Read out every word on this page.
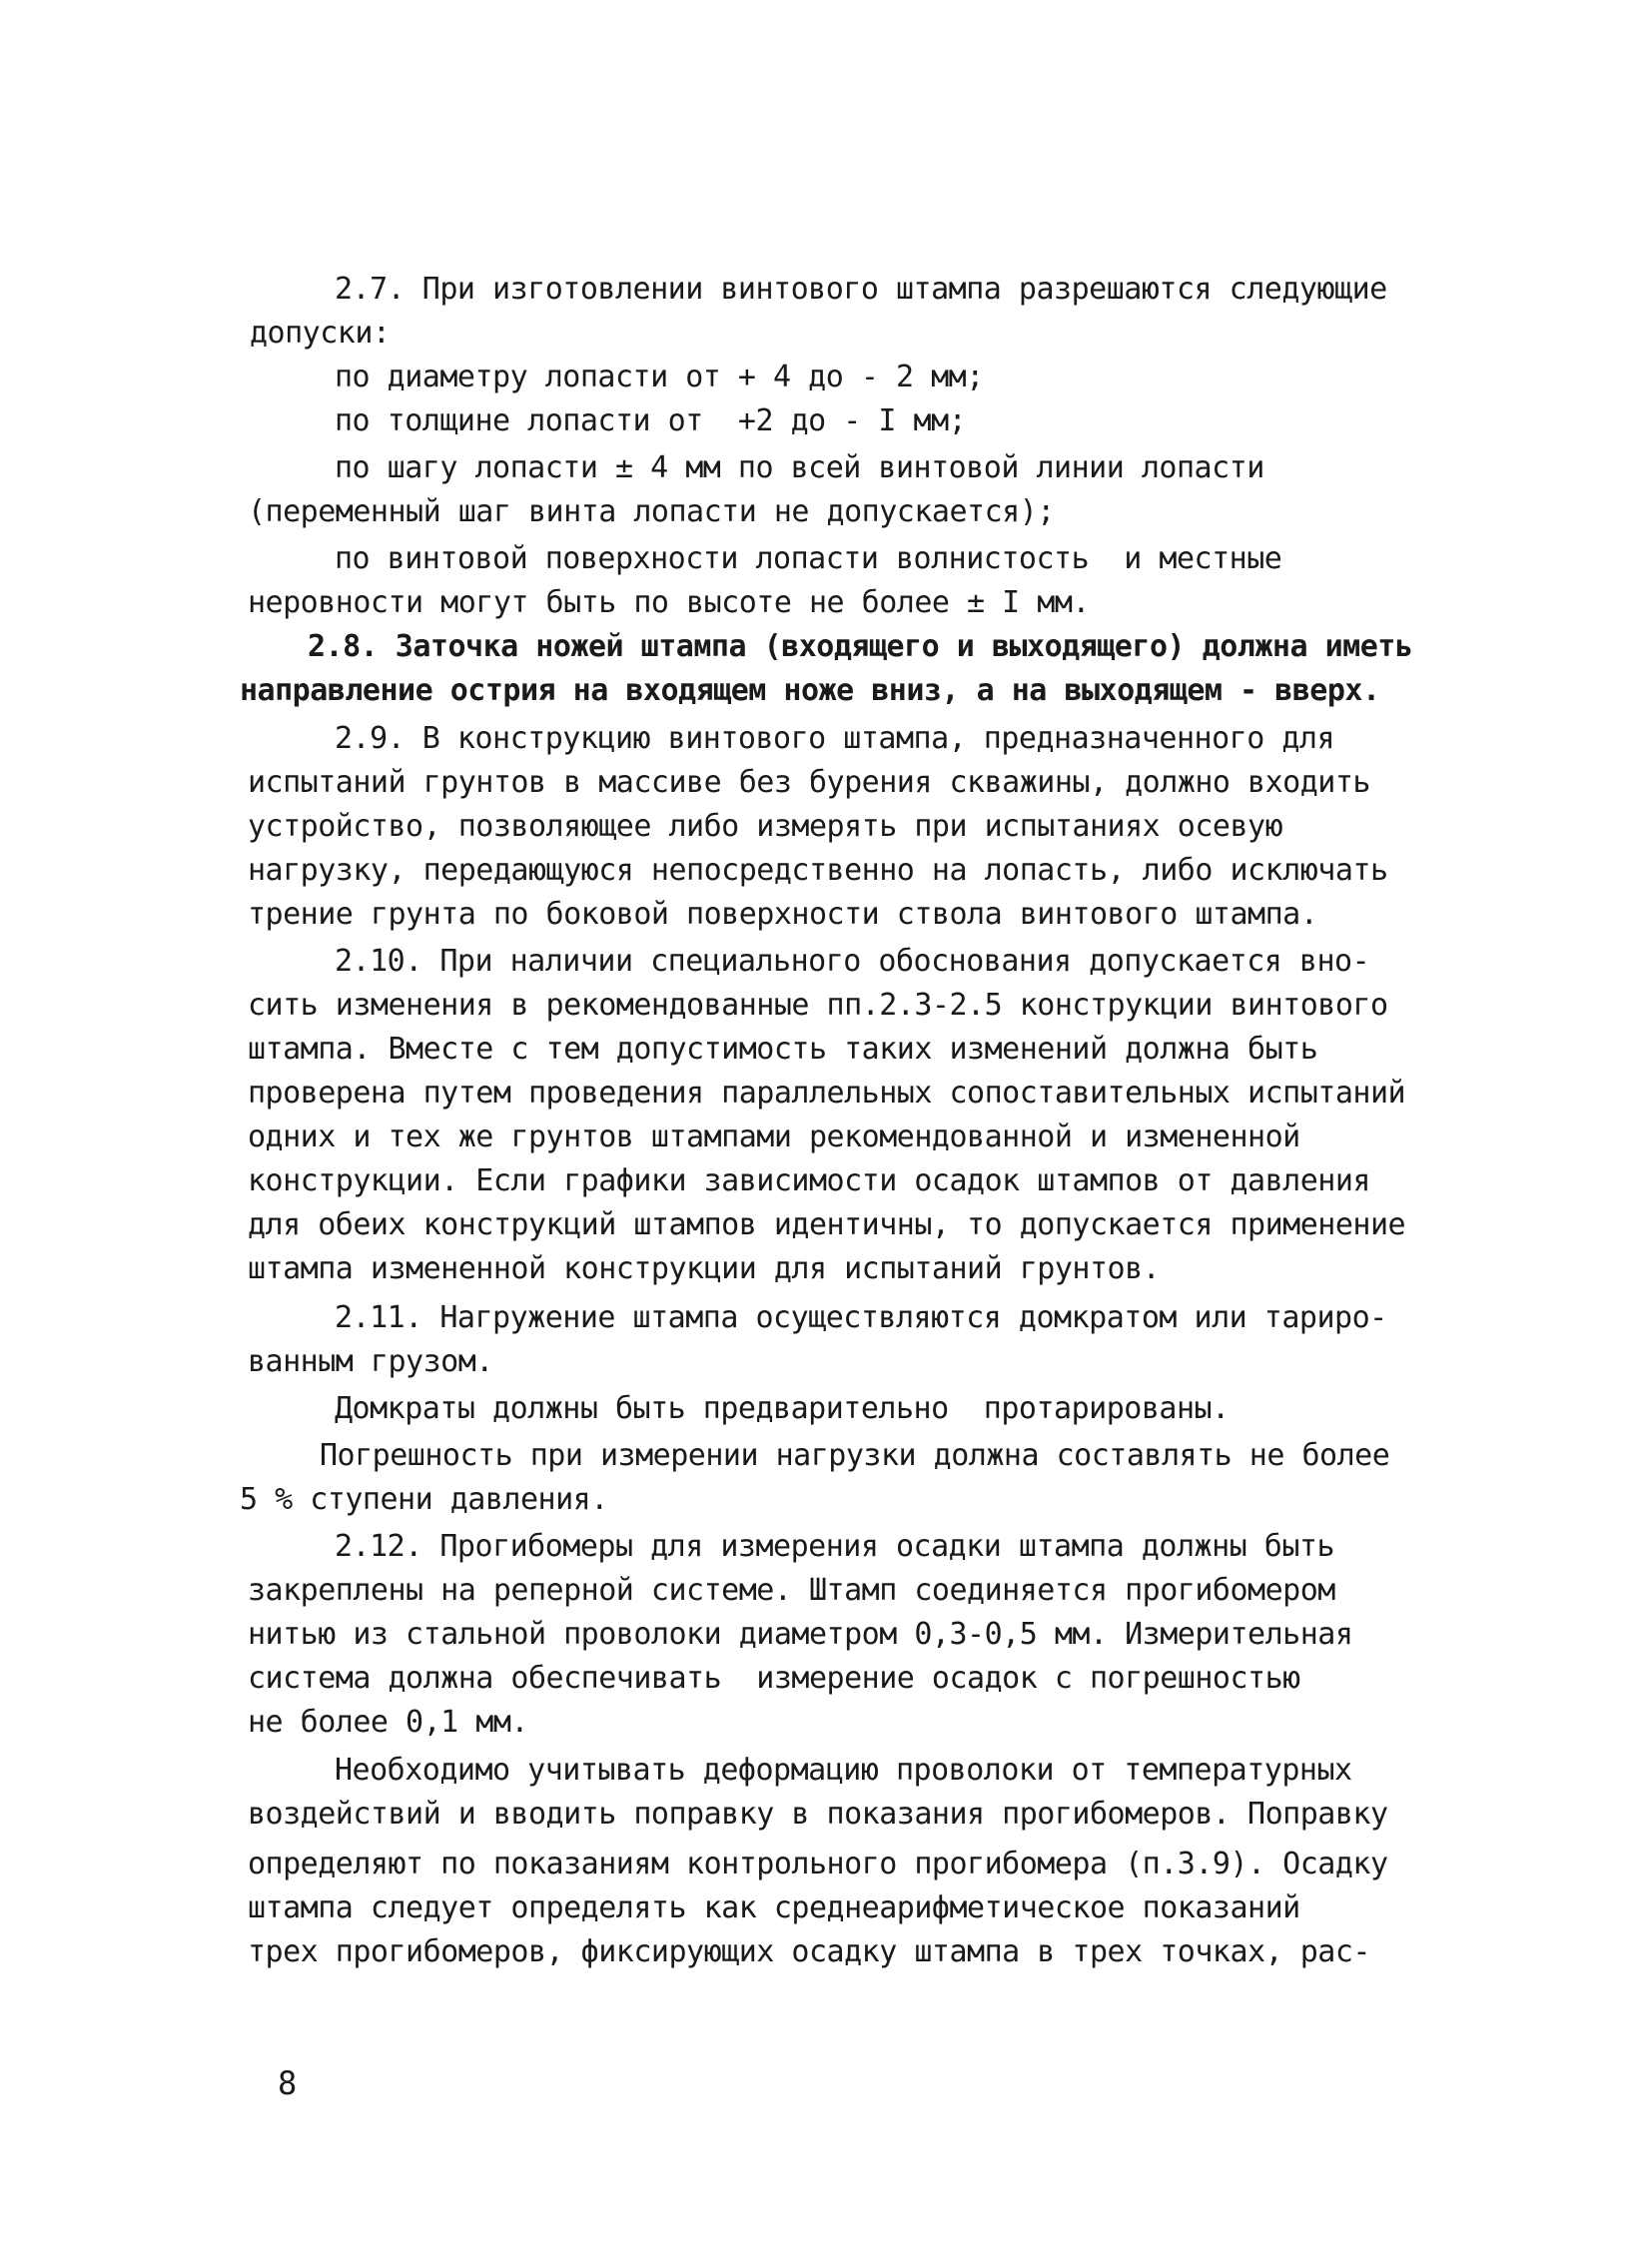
2.7. При изготовлении винтового штампа разрешаются следующие
допуски:
по диаметру лопасти от + 4 до - 2 мм;
по толщине лопасти от  +2 до - I мм;
по шагу лопасти ± 4 мм по всей винтовой линии лопасти
(переменный шаг винта лопасти не допускается);
по винтовой поверхности лопасти волнистость  и местные
неровности могут быть по высоте не более ± I мм.
2.8. Заточка ножей штампа (входящего и выходящего) должна иметь
направление острия на входящем ноже вниз, а на выходящем - вверх.
2.9. В конструкцию винтового штампа, предназначенного для
испытаний грунтов в массиве без бурения скважины, должно входить
устройство, позволяющее либо измерять при испытаниях осевую
нагрузку, передающуюся непосредственно на лопасть, либо исключать
трение грунта по боковой поверхности ствола винтового штампа.
2.10. При наличии специального обоснования допускается вно-
сить изменения в рекомендованные пп.2.3-2.5 конструкции винтового
штампа. Вместе с тем допустимость таких изменений должна быть
проверена путем проведения параллельных сопоставительных испытаний
одних и тех же грунтов штампами рекомендованной и измененной
конструкции. Если графики зависимости осадок штампов от давления
для обеих конструкций штампов идентичны, то допускается применение
штампа измененной конструкции для испытаний грунтов.
2.11. Нагружение штампа осуществляются домкратом или тариро-
ванным грузом.
Домкраты должны быть предварительно  протарированы.
Погрешность при измерении нагрузки должна составлять не более
5 % ступени давления.
2.12. Прогибомеры для измерения осадки штампа должны быть
закреплены на реперной системе. Штамп соединяется прогибомером
нитью из стальной проволоки диаметром 0,3-0,5 мм. Измерительная
система должна обеспечивать  измерение осадок с погрешностью
не более 0,1 мм.
Необходимо учитывать деформацию проволоки от температурных
воздействий и вводить поправку в показания прогибомеров. Поправку
определяют по показаниям контрольного прогибомера (п.3.9). Осадку
штампа следует определять как среднеарифметическое показаний
трех прогибомеров, фиксирующих осадку штампа в трех точках, рас-
8
